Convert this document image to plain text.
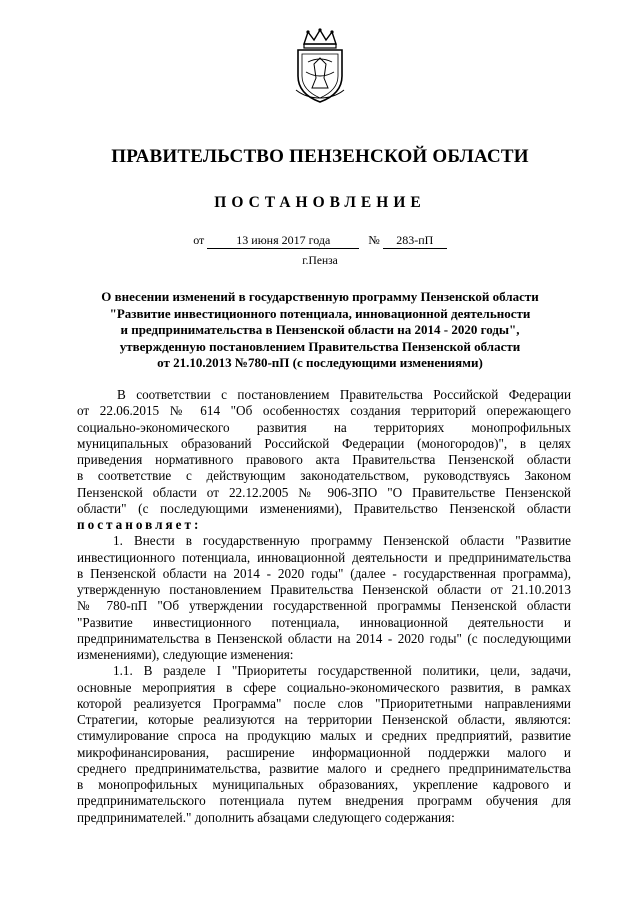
ПРАВИТЕЛЬСТВО ПЕНЗЕНСКОЙ ОБЛАСТИ
ПОСТАНОВЛЕНИЕ
от	13 июня 2017 года	№ 283-пП
г.Пенза
О внесении изменений в государственную программу Пензенской области
"Развитие инвестиционного потенциала, инновационной деятельности
и предпринимательства в Пензенской области на 2014 - 2020 годы",
утвержденную постановлением Правительства Пензенской области
от 21.10.2013 №780-пП (с последующими изменениями)
В соответствии с постановлением Правительства Российской Федерации
от 22.06.2015 № 614 "Об особенностях создания территорий опережающего
социально-экономического развития на территориях монопрофильных
муниципальных образований Российской Федерации (моногородов)", в целях
приведения нормативного правового акта Правительства Пензенской области
в соответствие с действующим законодательством, руководствуясь Законом
Пензенской области от 22.12.2005 № 906-ЗПО "О Правительстве Пензенской
области" (с последующими изменениями), Правительство Пензенской области
постановляет:
1. Внести в государственную программу Пензенской области "Развитие
инвестиционного потенциала, инновационной деятельности и предпринимательства
в Пензенской области на 2014 - 2020 годы" (далее - государственная программа),
утвержденную постановлением Правительства Пензенской области от 21.10.2013
№ 780-пП "Об утверждении государственной программы Пензенской области
"Развитие инвестиционного потенциала, инновационной деятельности и
предпринимательства в Пензенской области на 2014 - 2020 годы" (с последующими
изменениями), следующие изменения:
1.1. В разделе I "Приоритеты государственной политики, цели, задачи,
основные мероприятия в сфере социально-экономического развития, в рамках
которой реализуется Программа" после слов "Приоритетными направлениями
Стратегии, которые реализуются на территории Пензенской области, являются:
стимулирование спроса на продукцию малых и средних предприятий, развитие
микрофинансирования, расширение информационной поддержки малого и
среднего предпринимательства, развитие малого и среднего предпринимательства
в монопрофильных муниципальных образованиях, укрепление кадрового и
предпринимательского потенциала путем внедрения программ обучения для
предпринимателей." дополнить абзацами следующего содержания:
